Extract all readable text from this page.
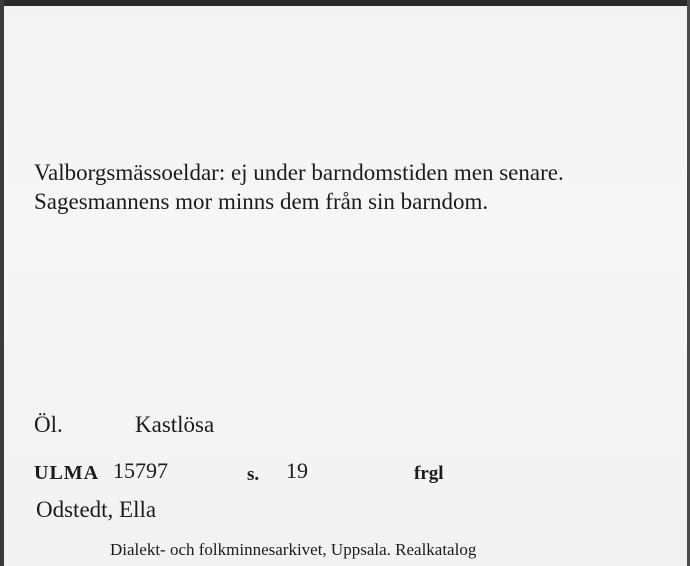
Valborgsmässoeldar: ej under barndomstiden men senare.
Sagesmannens mor minns dem från sin barndom.
Öl.	Kastlösa
ULMA 15797	s. 19	frgl
Odstedt, Ella
Dialekt- och folkminnesarkivet, Uppsala. Realkatalog
